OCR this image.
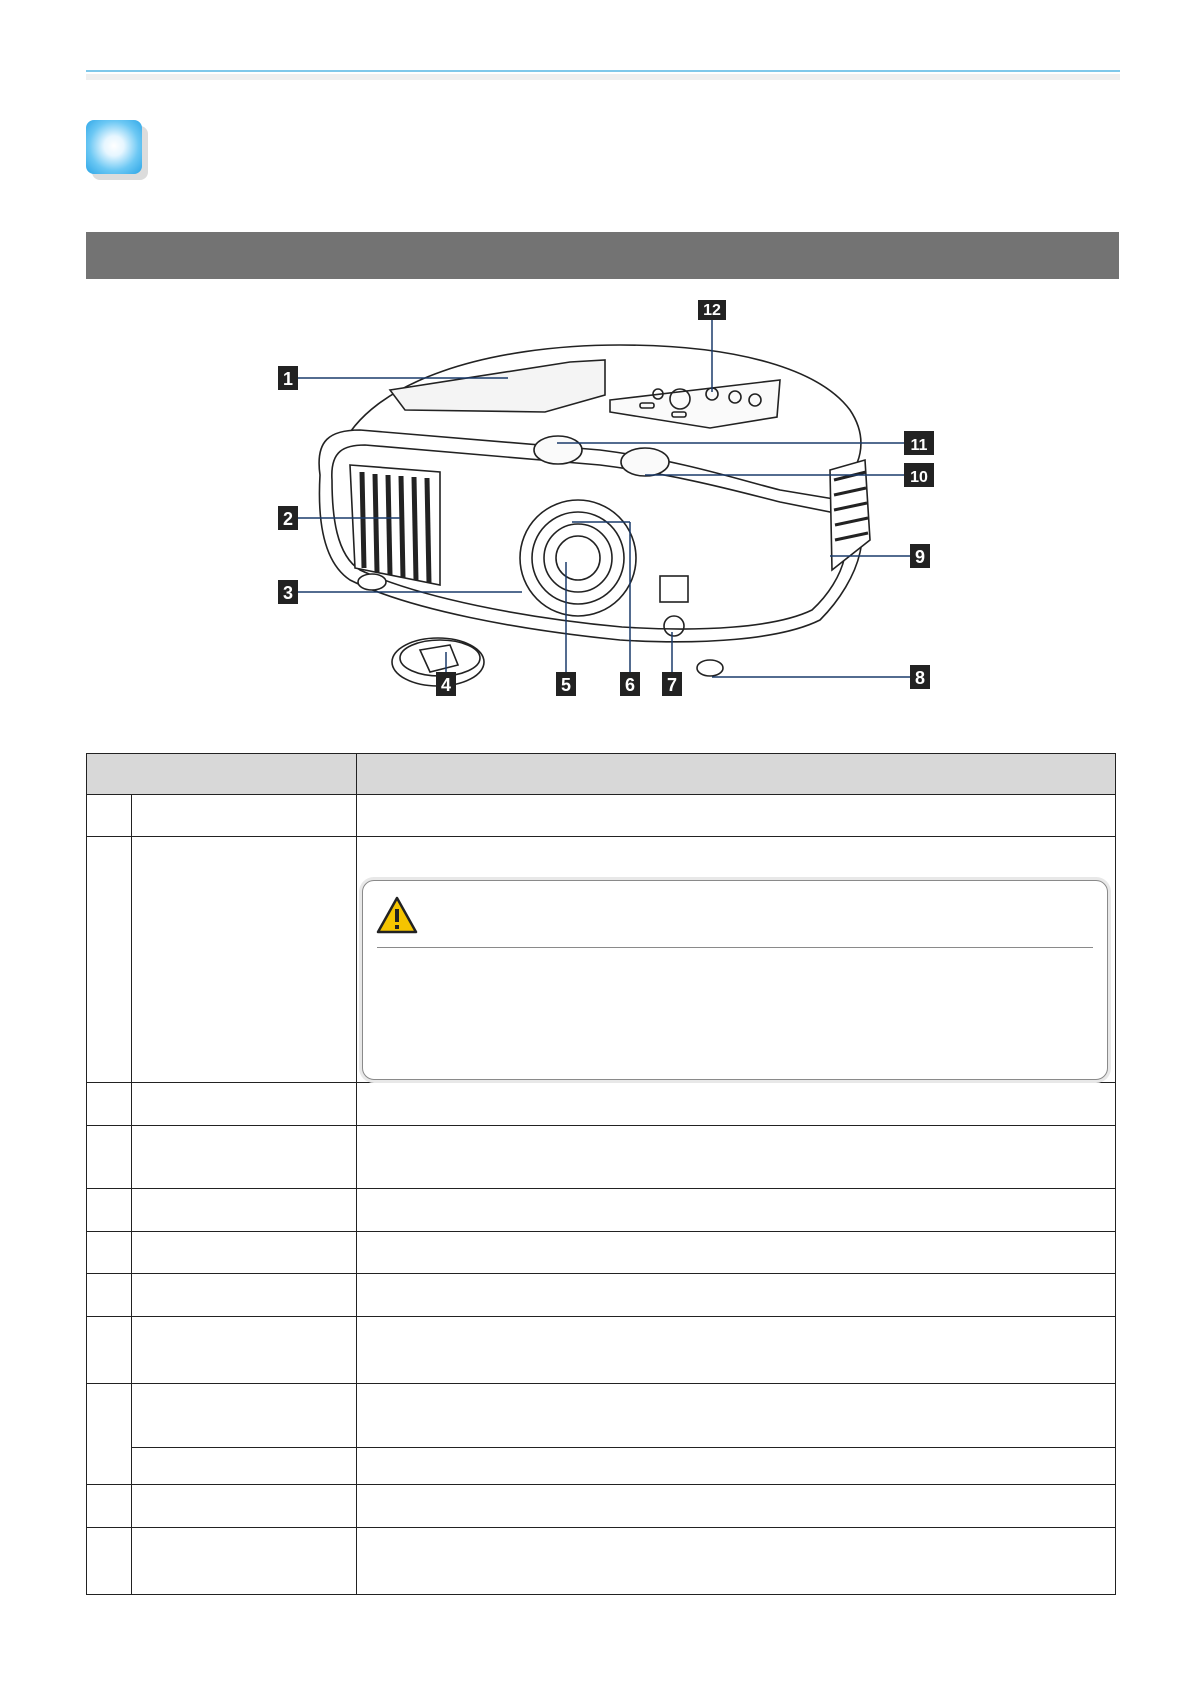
1
2
3
4	5	6 7	8
9
10
11
12
